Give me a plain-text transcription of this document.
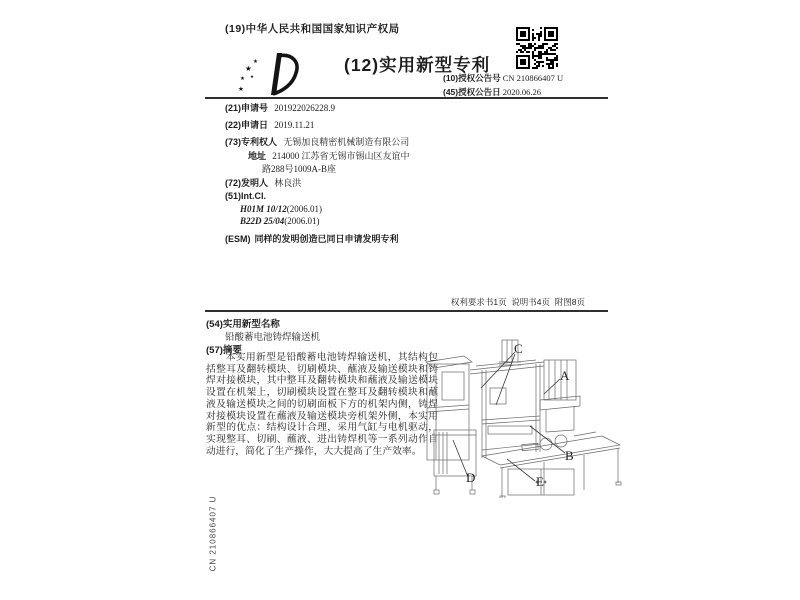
(19)中华人民共和国国家知识产权局
★
★
★ ★
★
(12)实用新型专利
(10)授权公告号 CN 210866407 U
(45)授权公告日 2020.06.26
(21)申请号 201922026228.9
(22)申请日 2019.11.21
(73)专利权人 无锡加良精密机械制造有限公司
地址 214000 江苏省无锡市锡山区友谊中
路288号1009A-B座
(72)发明人 林良洪
(51)Int.Cl.
H01M 10/12(2006.01)
B22D 25/04(2006.01)
(ESM) 同样的发明创造已同日申请发明专利
权利要求书1页  说明书4页  附图8页
(54)实用新型名称
铅酸蓄电池铸焊输送机
(57)摘要
本实用新型是铅酸蓄电池铸焊输送机，其结构包括整耳及翻转模块、切刷模块、蘸液及输送模块和铸焊对接模块，其中整耳及翻转模块和蘸液及输送模块设置在机架上，切刷模块设置在整耳及翻转模块和蘸液及输送模块之间的切刷面板下方的机架内侧，铸焊对接模块设置在蘸液及输送模块旁机架外侧，本实用新型的优点：结构设计合理，采用气缸与电机驱动，实现整耳、切刷、蘸液、进出铸焊机等一系列动作自动进行，简化了生产操作，大大提高了生产效率。
C
A
B
D	E
CN 210866407 U
